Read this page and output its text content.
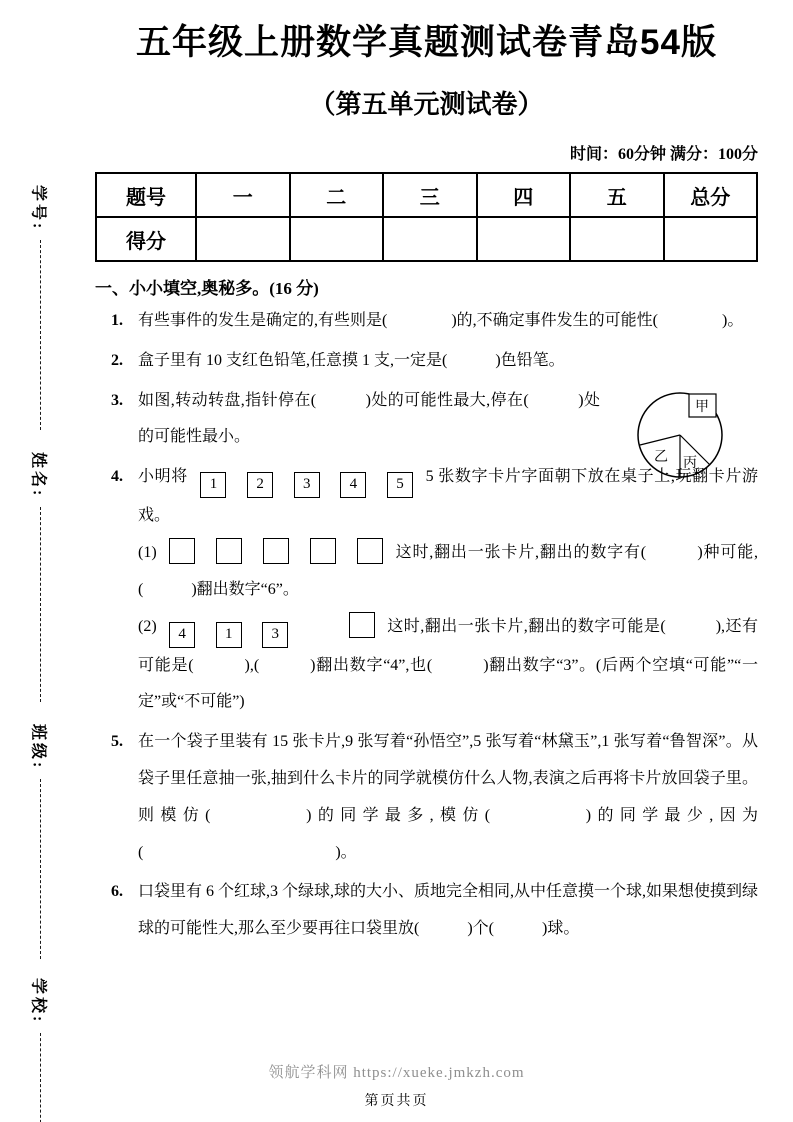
学号:
姓名:
班级:
学校:
五年级上册数学真题测试卷青岛54版
（第五单元测试卷）
时间：60分钟 满分：100分
题号	一	二	三	四	五	总分
得分						
一、小小填空,奥秘多。(16 分)
1. 有些事件的发生是确定的,有些则是(　　　　)的,不确定事件发生的可能性(　　　　)。
2. 盒子里有 10 支红色铅笔,任意摸 1 支,一定是(　　　)色铅笔。
3. 如图,转动转盘,指针停在(　　　)处的可能性最大,停在(　　　)处的可能性最小。
甲
乙 丙
4. 小明将 1	2	3	4	5 5 张数字卡片字面朝下放在桌子上,玩翻卡片游戏。
(1)	这时,翻出一张卡片,翻出的数字有(　　　)种可能,(　　　)翻出数字“6”。
(2) 4	1	3	这时,翻出一张卡片,翻出的数字可能是(　　　),还有可能是(　　　),(　　　)翻出数字“4”,也(　　　)翻出数字“3”。(后两个空填“可能”“一定”或“不可能”)
5. 在一个袋子里装有 15 张卡片,9 张写着“孙悟空”,5 张写着“林黛玉”,1 张写着“鲁智深”。从袋子里任意抽一张,抽到什么卡片的同学就模仿什么人物,表演之后再将卡片放回袋子里。则模仿(　　　　)的同学最多,模仿(　　　　)的同学最少,因为(　　　　　　　　　　　　)。
6. 口袋里有 6 个红球,3 个绿球,球的大小、质地完全相同,从中任意摸一个球,如果想使摸到绿球的可能性大,那么至少要再往口袋里放(　　　)个(　　　)球。
领航学科网 https://xueke.jmkzh.com
第页共页
